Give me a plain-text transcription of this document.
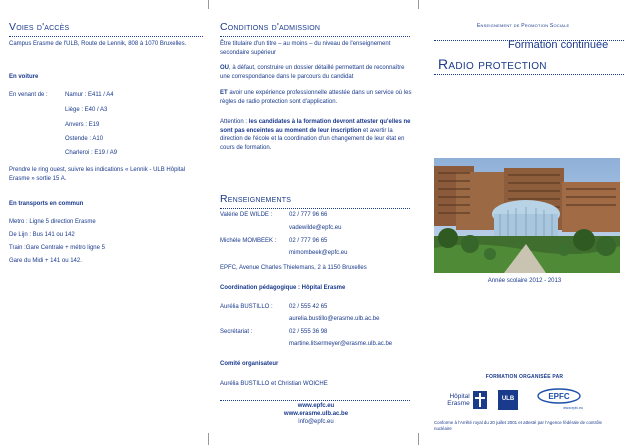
Voies d'accès
Campus Erasme de l'ULB, Route de Lennik, 808 à 1070 Bruxelles.
En voiture
En venant de :	Namur : E411 / A4
Liège : E40 / A3
Anvers : E19
Ostende : A10
Charleroi : E19 / A9
Prendre le ring ouest, suivre les indications « Lennik - ULB Hôpital Erasme » sortie 15 A.
En transports en commun
Metro : Ligne 5 direction Erasme
De Lijn : Bus 141 ou 142
Train :Gare Centrale + métro ligne 5
Gare du Midi + 141 ou 142.
Conditions d'admission
Être titulaire d'un titre – au moins – du niveau de l'enseignement secondaire supérieur
OU, à défaut, construire un dossier détaillé permettant de reconnaître une correspondance dans le parcours du candidat
ET avoir une expérience professionnelle attestée dans un service où les règles de radio protection sont d'application.
Attention : les candidates à la formation devront attester qu'elles ne sont pas enceintes au moment de leur inscription et avertir la direction de l'école et la coordination d'un changement de leur état en cours de formation.
Renseignements
Valérie DE WILDE :	02 / 777 96 66
vadewilde@epfc.eu
Michèle MOMBEEK : 02 / 777 96 65
mimombeek@epfc.eu
EPFC, Avenue Charles Thielemans, 2 à 1150 Bruxelles
Coordination pédagogique : Hôpital Erasme
Aurélia BUSTILLO :	02 / 555 42 65
aurelia.bustillo@erasme.ulb.ac.be
Secrétariat :	02 / 555 36 98
martine.litsermeyer@erasme.ulb.ac.be
Comité organisateur
Aurélia BUSTILLO et Christian WOICHE
www.epfc.eu
www.erasme.ulb.ac.be
info@epfc.eu
Enseignement de Promotion Sociale
Formation continuée
Radio protection
Année scolaire 2012 - 2013
FORMATION ORGANISÉE PAR
Hôpital
Erasme
ULB	EPFC
www.epfc.eu
Conforme à l'Arrêté royal du 20 juillet 2001 et attesté par l'Agence fédérale de contrôle nucléaire
